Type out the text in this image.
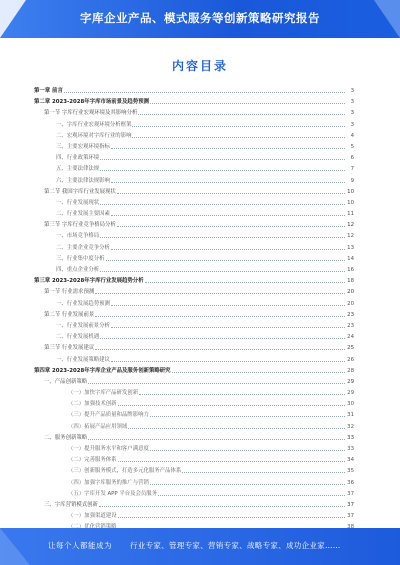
字库企业产品、模式服务等创新策略研究报告
内容目录
第一章 前言	3
第二章 2023-2028年字库市场前景及趋势预测	3
第一节 字库行业宏观环境及其影响分析	3
一、字库行业宏观环境分析框架	3
二、宏观环境对字库行业的影响	4
三、主要宏观环境指标	5
四、行业政策环境	6
五、主要法律法规	7
六、主要法律法规影响	9
第二节 我国字库行业发展现状	10
一、行业发展现状	10
二、行业发展主要因素	11
第三节 字库行业竞争格局分析	12
一、市场竞争格局	12
二、主要企业竞争分析	13
三、行业集中度分析	14
四、重点企业分析	16
第三章 2023-2028年字库行业发展趋势分析	18
第一节 行业需求预测	20
一、行业发展趋势预测	20
第二节 行业发展前景	23
一、行业发展前景分析	23
二、行业发展机遇	24
第三节 行业发展建议	25
一、行业发展策略建议	26
第四章 2023-2028年字库企业产品及服务创新策略研究	28
一、产品创新策略	29
（一）加快字库产品研发创新	29
（二）加强技术创新	30
（三）提升产品质量和品牌影响力	31
（四）拓展产品应用领域	32
二、服务创新策略	33
（一）提升服务水平和客户满意度	33
（二）完善服务体系	34
（三）创新服务模式，打造多元化服务产品体系	35
（四）加强字库服务的推广与营销	36
（五）字库开发 APP 平台及会员服务	37
三、字库营销模式创新	37
（一）加强渠道建设	37
让每个人都能成为 行业专家、管理专家、营销专家、战略专家、成功企业家……
